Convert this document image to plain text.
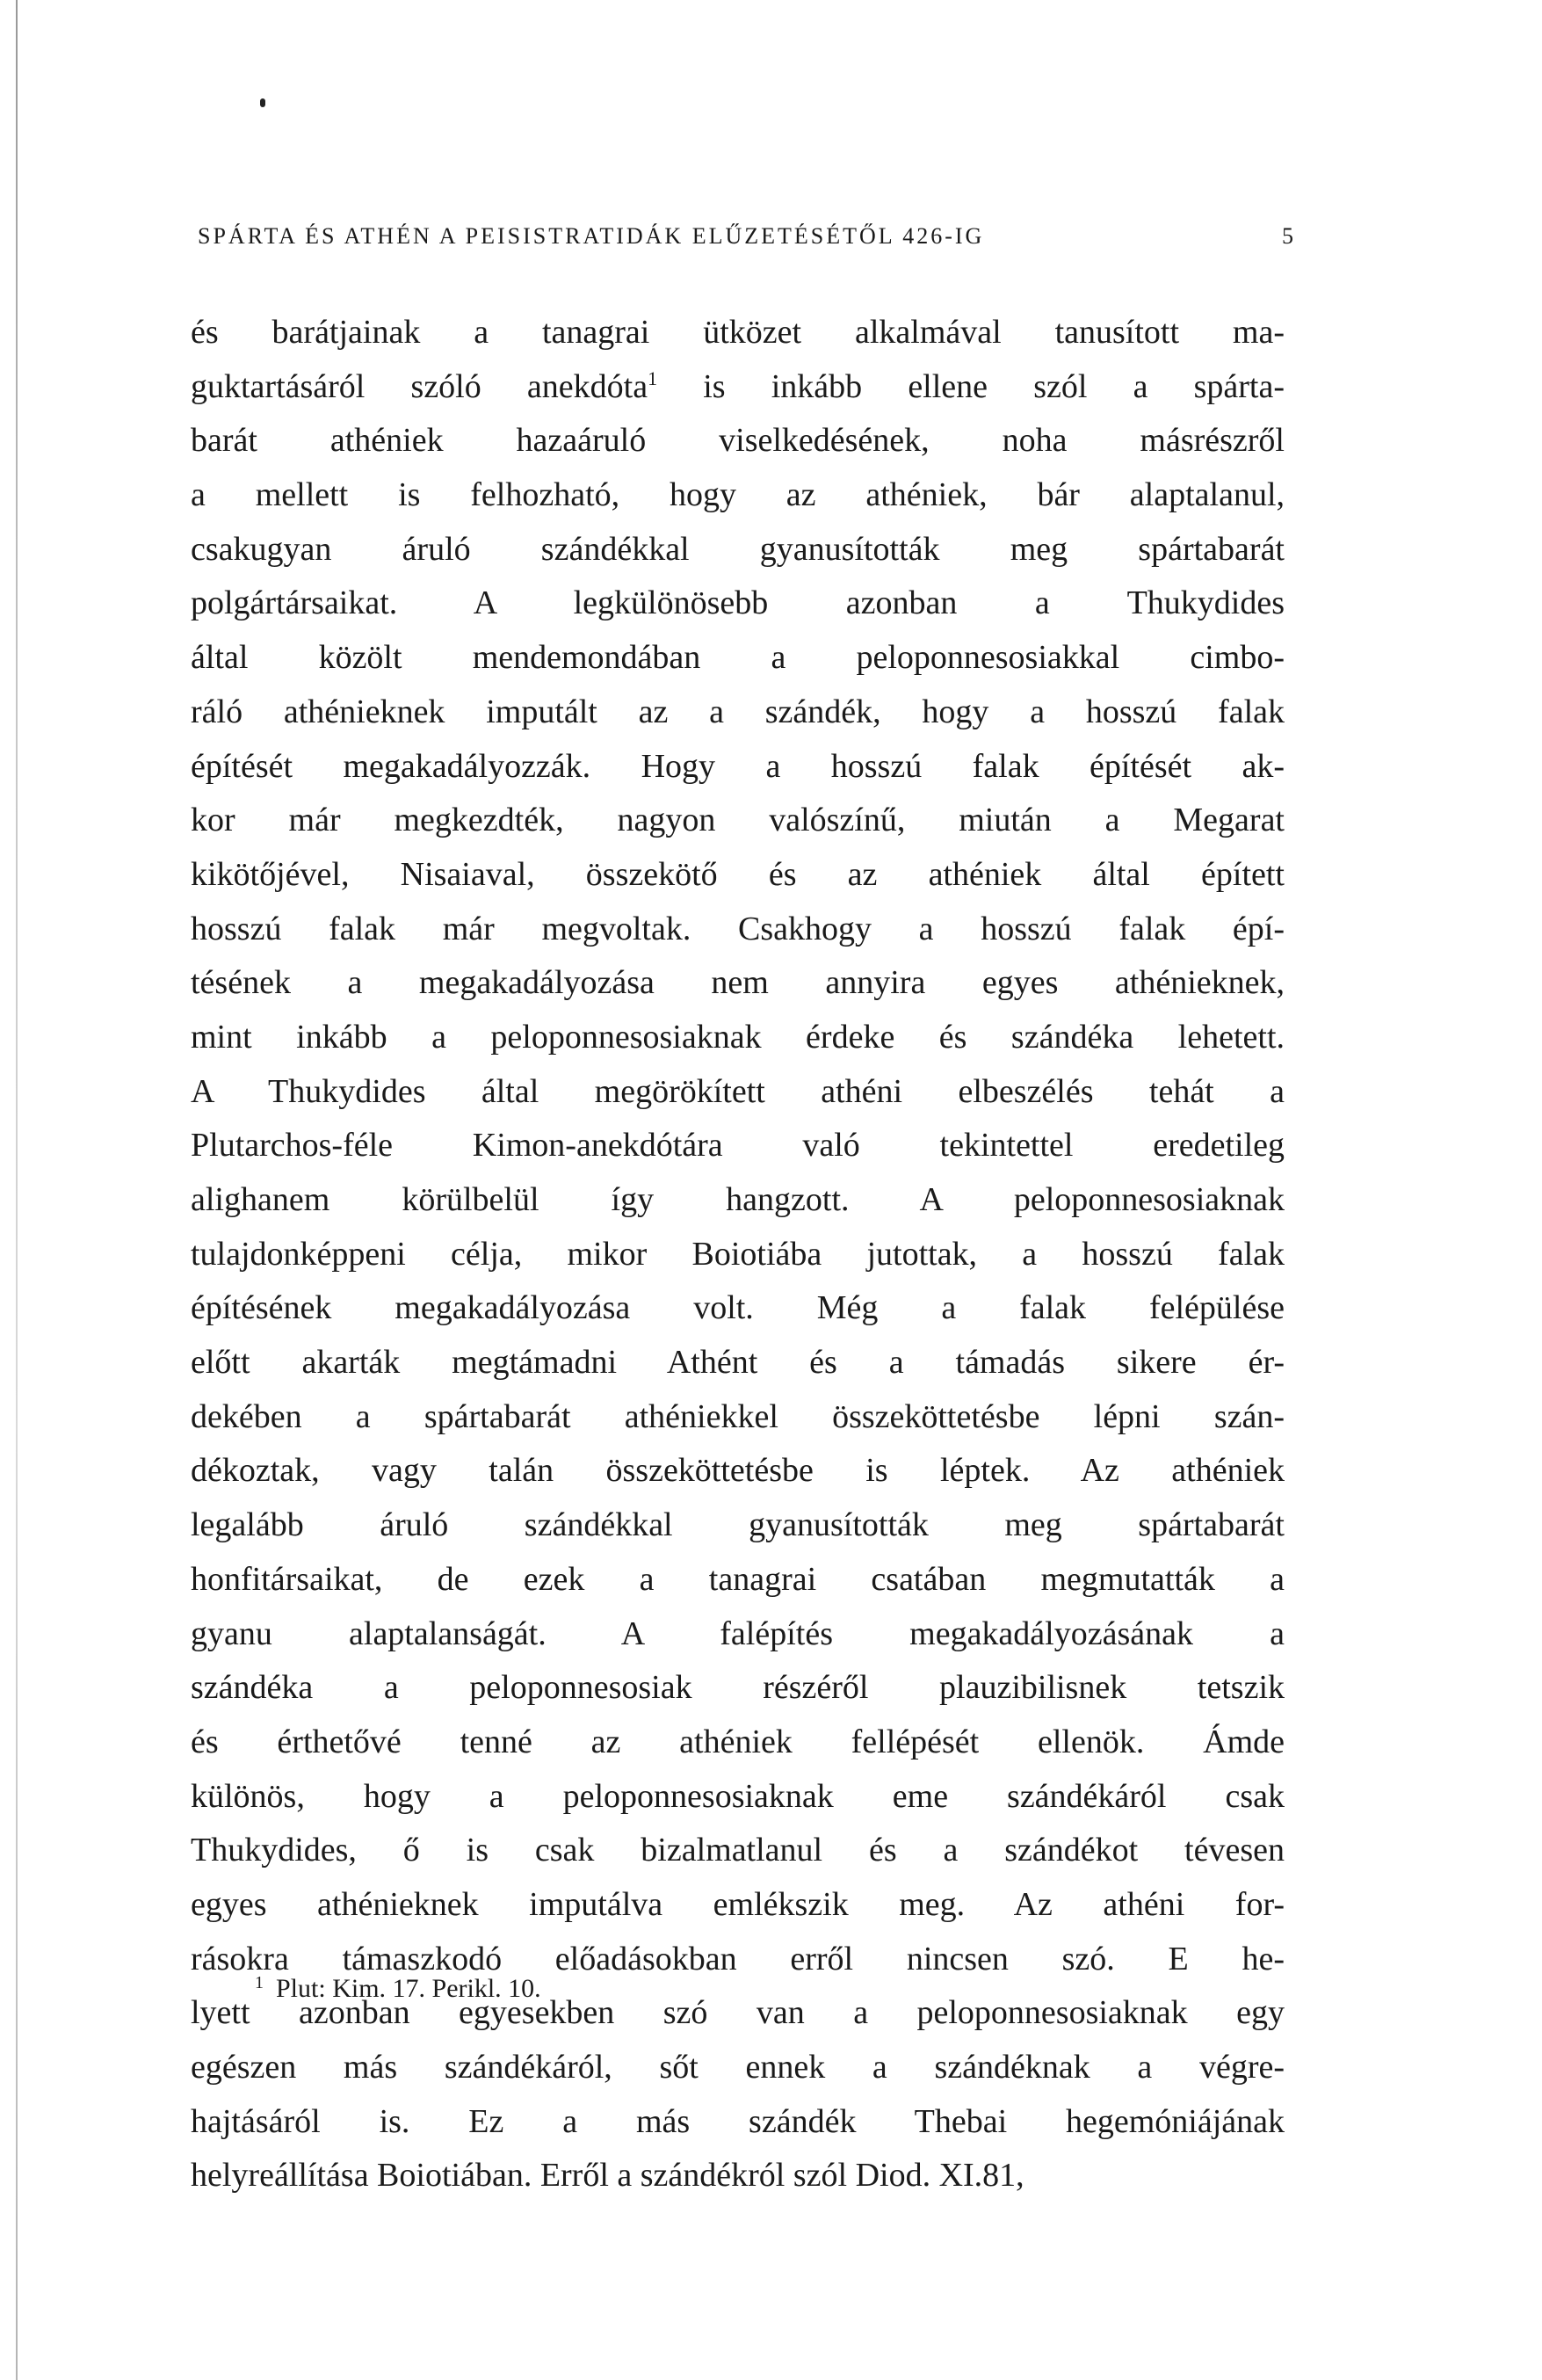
SPÁRTA ÉS ATHÉN A PEISISTRATIDÁK ELŰZETÉSÉTŐL 426-IG	5
és barátjainak a tanagrai ütközet alkalmával tanusított ma-
guktartásáról szóló anekdóta$^1$ is inkább ellene szól a spárta-
barát athéniek hazaáruló viselkedésének, noha másrészről
a mellett is felhozható, hogy az athéniek, bár alaptalanul,
csakugyan áruló szándékkal gyanusították meg spártabarát
polgártársaikat. A legkülönösebb azonban a Thukydides
által közölt mendemondában a peloponnesosiakkal cimbo-
ráló athénieknek imputált az a szándék, hogy a hosszú falak
építését megakadályozzák. Hogy a hosszú falak építését ak-
kor már megkezdték, nagyon valószínű, miután a Megarat
kikötőjével, Nisaiaval, összekötő és az athéniek által épített
hosszú falak már megvoltak. Csakhogy a hosszú falak épí-
tésének a megakadályozása nem annyira egyes athénieknek,
mint inkább a peloponnesosiaknak érdeke és szándéka lehetett.
A Thukydides által megörökített athéni elbeszélés tehát a
Plutarchos-féle Kimon-anekdótára való tekintettel eredetileg
alighanem körülbelül így hangzott. A peloponnesosiaknak
tulajdonképpeni célja, mikor Boiotiába jutottak, a hosszú falak
építésének megakadályozása volt. Még a falak felépülése
előtt akarták megtámadni Athént és a támadás sikere ér-
dekében a spártabarát athéniekkel összeköttetésbe lépni szán-
dékoztak, vagy talán összeköttetésbe is léptek. Az athéniek
legalább áruló szándékkal gyanusították meg spártabarát
honfitársaikat, de ezek a tanagrai csatában megmutatták a
gyanu alaptalanságát. A falépítés megakadályozásának a
szándéka a peloponnesosiak részéről plauzibilisnek tetszik
és érthetővé tenné az athéniek fellépését ellenök. Ámde
különös, hogy a peloponnesosiaknak eme szándékáról csak
Thukydides, ő is csak bizalmatlanul és a szándékot tévesen
egyes athénieknek imputálva emlékszik meg. Az athéni for-
rásokra támaszkodó előadásokban erről nincsen szó. E he-
lyett azonban egyesekben szó van a peloponnesosiaknak egy
egészen más szándékáról, sőt ennek a szándéknak a végre-
hajtásáról is. Ez a más szándék Thebai hegemóniájának
helyreállítása Boiotiában. Erről a szándékról szól Diod. XI.81,
$^1$ Plut: Kim. 17. Perikl. 10.
